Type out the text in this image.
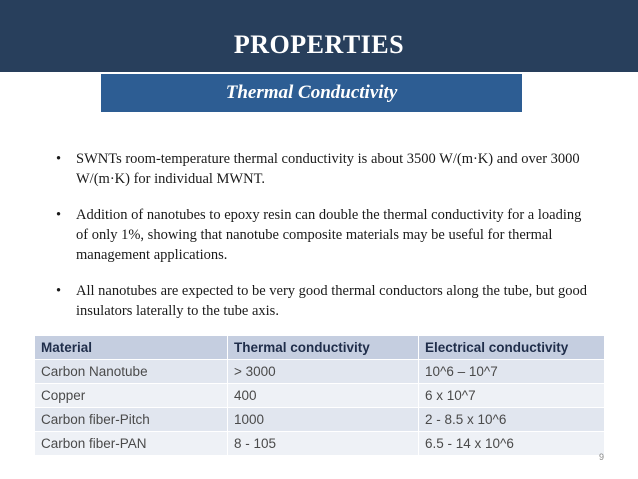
PROPERTIES
Thermal Conductivity
• SWNTs room-temperature thermal conductivity is about 3500 W/(m·K) and over 3000 W/(m·K) for individual MWNT.
• Addition of nanotubes to epoxy resin can double the thermal conductivity for a loading of only 1%, showing that nanotube composite materials may be useful for thermal management applications.
• All nanotubes are expected to be very good thermal conductors along the tube, but good insulators laterally to the tube axis.
Material	Thermal conductivity	Electrical conductivity
Carbon Nanotube	> 3000	10^6 – 10^7
Copper	400	6 x 10^7
Carbon fiber-Pitch	1000	2 - 8.5 x 10^6
Carbon fiber-PAN	8 - 105	6.5 - 14 x 10^6
9
